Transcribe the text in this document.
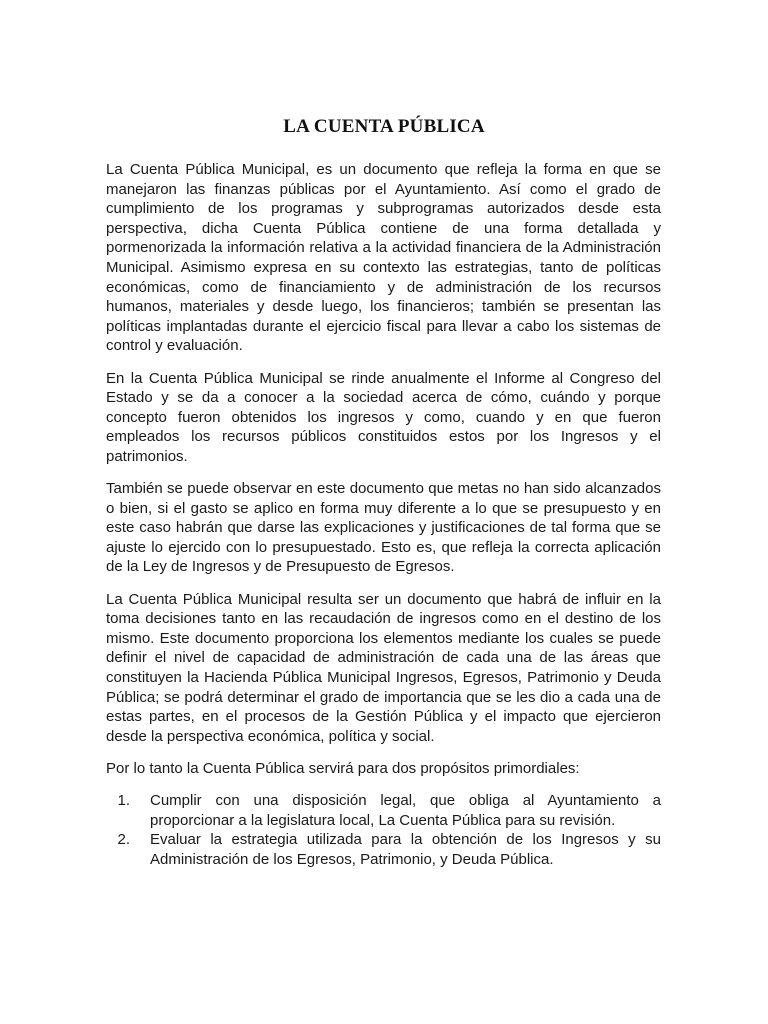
LA CUENTA PÚBLICA

La Cuenta Pública Municipal, es un documento que refleja la forma en que se manejaron las finanzas públicas por el Ayuntamiento. Así como el grado de cumplimiento de los programas y subprogramas autorizados desde esta perspectiva, dicha Cuenta Pública contiene de una forma detallada y pormenorizada la información relativa a la actividad financiera de la Administración Municipal. Asimismo expresa en su contexto las estrategias, tanto de políticas económicas, como de financiamiento y de administración de los recursos humanos, materiales y desde luego, los financieros; también se presentan las políticas implantadas durante el ejercicio fiscal para llevar a cabo los sistemas de control y evaluación.

En la Cuenta Pública Municipal se rinde anualmente el Informe al Congreso del Estado y se da a conocer a la sociedad acerca de cómo, cuándo y porque concepto fueron obtenidos los ingresos y como, cuando y en que fueron empleados los recursos públicos constituidos estos por los Ingresos y el patrimonios.

También se puede observar en este documento que metas no han sido alcanzados o bien, si el gasto se aplico en forma muy diferente a lo que se presupuesto y en este caso habrán que darse las explicaciones y justificaciones de tal forma que se ajuste lo ejercido con lo presupuestado. Esto es, que refleja la correcta aplicación de la Ley de Ingresos y de Presupuesto de Egresos.

La Cuenta Pública Municipal resulta ser un documento que habrá de influir en la toma decisiones tanto en las recaudación de ingresos como en el destino de los mismo. Este documento proporciona los elementos mediante los cuales se puede definir el nivel de capacidad de administración de cada una de las áreas que constituyen la Hacienda Pública Municipal Ingresos, Egresos, Patrimonio y Deuda Pública; se podrá determinar el grado de importancia que se les dio a cada una de estas partes, en el procesos de la Gestión Pública y el impacto que ejercieron desde la perspectiva económica, política y social.

Por lo tanto la Cuenta Pública servirá para dos propósitos primordiales:

1.	Cumplir con una disposición legal, que obliga al Ayuntamiento a proporcionar a la legislatura local, La Cuenta Pública para su revisión.
2.	Evaluar la estrategia utilizada para la obtención de los Ingresos y su Administración de los Egresos, Patrimonio, y Deuda Pública.
